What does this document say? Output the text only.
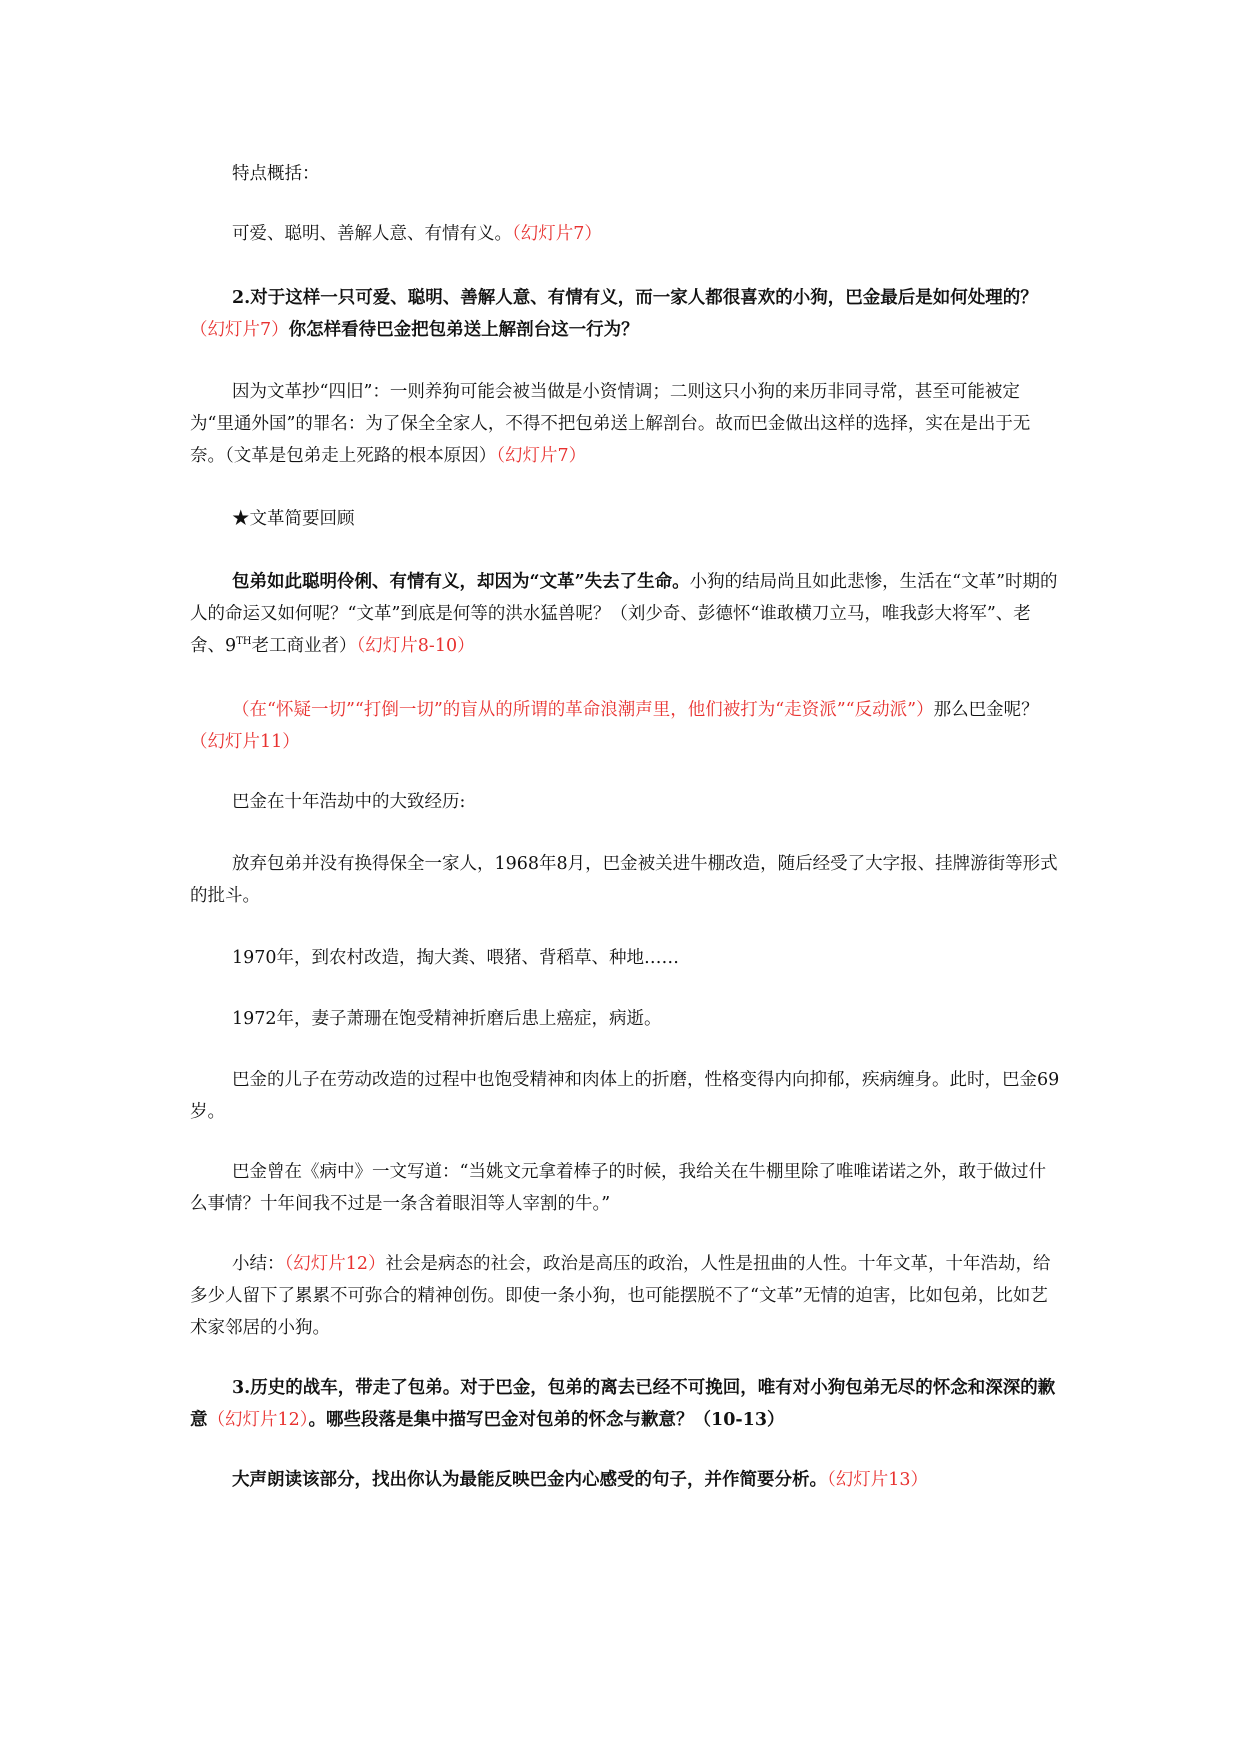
特点概括：
可爱、聪明、善解人意、有情有义。（幻灯片7）
2.对于这样一只可爱、聪明、善解人意、有情有义，而一家人都很喜欢的小狗，巴金最后是如何处理的？（幻灯片7）你怎样看待巴金把包弟送上解剖台这一行为？
因为文革抄“四旧”：一则养狗可能会被当做是小资情调；二则这只小狗的来历非同寻常，甚至可能被定为“里通外国”的罪名：为了保全全家人，不得不把包弟送上解剖台。故而巴金做出这样的选择，实在是出于无奈。（文革是包弟走上死路的根本原因）（幻灯片7）
★文革简要回顾
包弟如此聪明伶俐、有情有义，却因为“文革”失去了生命。小狗的结局尚且如此悲惨，生活在“文革”时期的人的命运又如何呢？“文革”到底是何等的洪水猛兽呢？（刘少奇、彭德怀“谁敢横刀立马，唯我彭大将军”、老舍、9TH老工商业者）（幻灯片8-10）
（在“怀疑一切”“打倒一切”的盲从的所谓的革命浪潮声里，他们被打为“走资派”“反动派”）那么巴金呢？（幻灯片11）
巴金在十年浩劫中的大致经历:
放弃包弟并没有换得保全一家人，1968年8月，巴金被关进牛棚改造，随后经受了大字报、挂牌游街等形式的批斗。
1970年，到农村改造，掏大粪、喂猪、背稻草、种地……
1972年，妻子萧珊在饱受精神折磨后患上癌症，病逝。
巴金的儿子在劳动改造的过程中也饱受精神和肉体上的折磨，性格变得内向抑郁，疾病缠身。此时，巴金69岁。
巴金曾在《病中》一文写道：“当姚文元拿着棒子的时候，我给关在牛棚里除了唯唯诺诺之外，敢于做过什么事情？十年间我不过是一条含着眼泪等人宰割的牛。”
小结：（幻灯片12）社会是病态的社会，政治是高压的政治，人性是扭曲的人性。十年文革，十年浩劫，给多少人留下了累累不可弥合的精神创伤。即使一条小狗，也可能摆脱不了“文革”无情的迫害，比如包弟，比如艺术家邻居的小狗。
3.历史的战车，带走了包弟。对于巴金，包弟的离去已经不可挽回，唯有对小狗包弟无尽的怀念和深深的歉意（幻灯片12）。哪些段落是集中描写巴金对包弟的怀念与歉意？（10-13）
大声朗读该部分，找出你认为最能反映巴金内心感受的句子，并作简要分析。（幻灯片13）
